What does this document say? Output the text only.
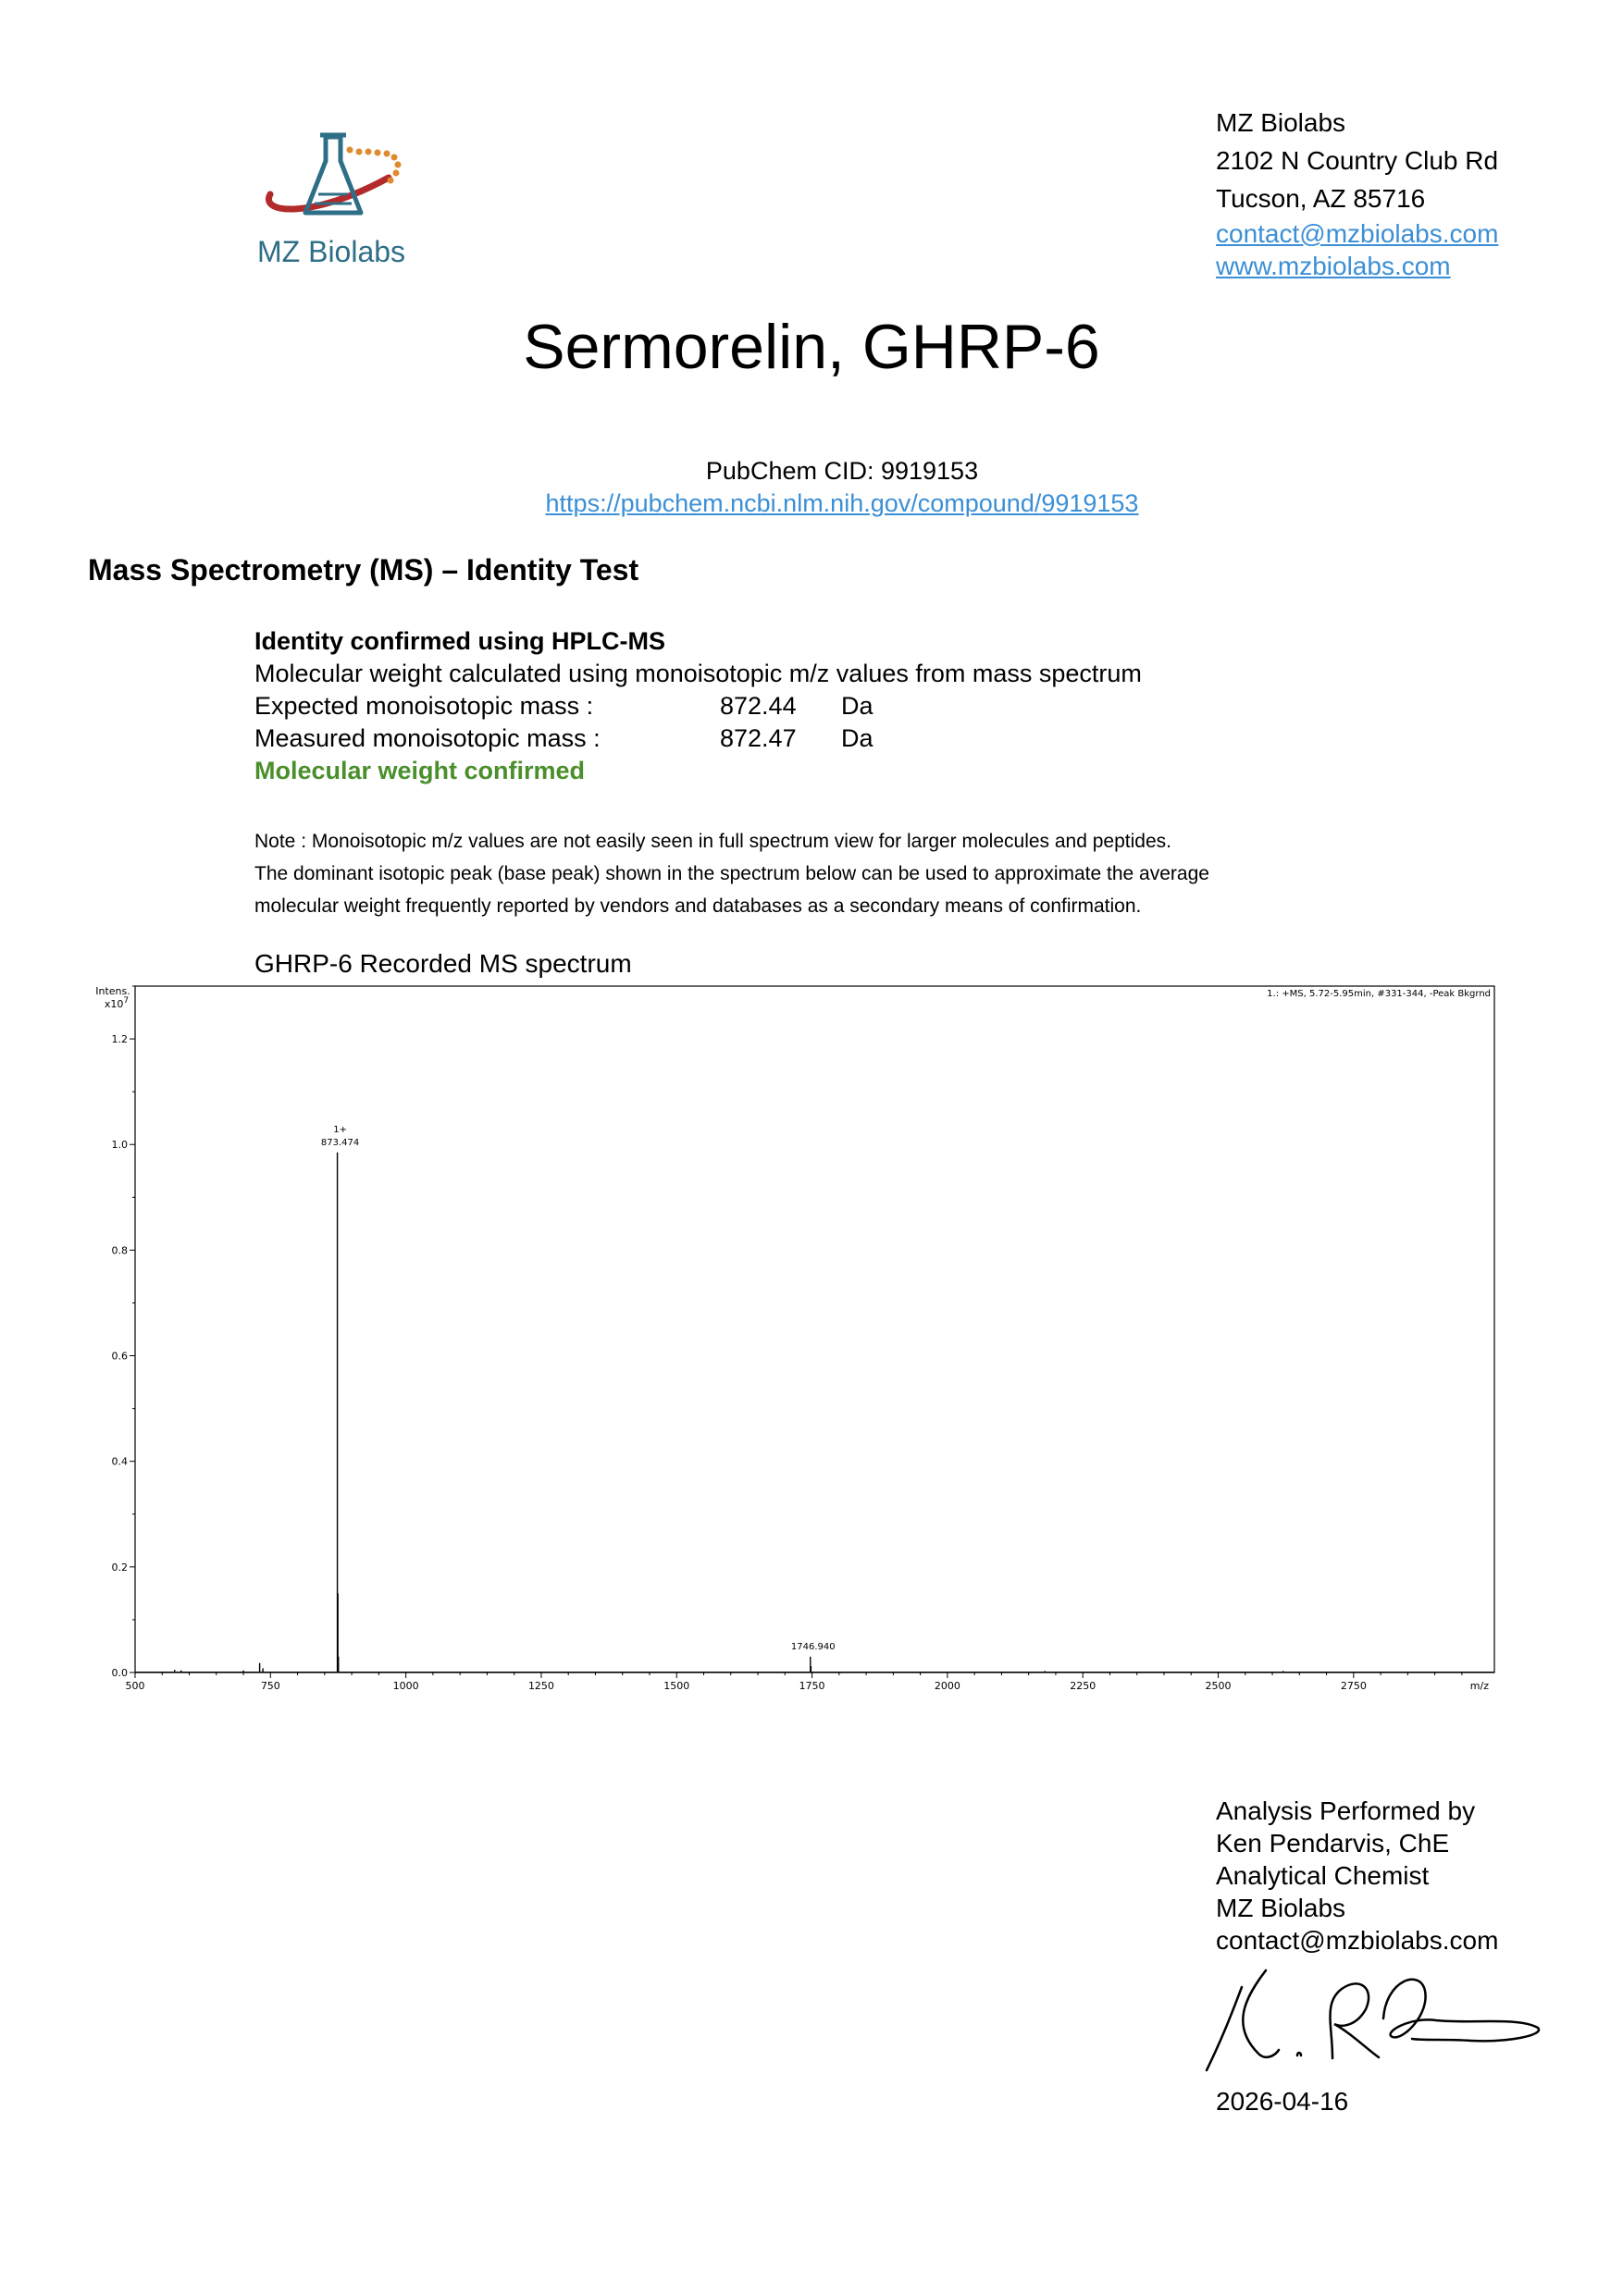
MZ Biolabs
MZ Biolabs
2102 N Country Club Rd
Tucson, AZ 85716
contact@mzbiolabs.com
www.mzbiolabs.com
Sermorelin, GHRP-6
PubChem CID: 9919153
https://pubchem.ncbi.nlm.nih.gov/compound/9919153
Mass Spectrometry (MS) – Identity Test
Identity confirmed using HPLC-MS
Molecular weight calculated using monoisotopic m/z values from mass spectrum
Expected monoisotopic mass :	872.44	Da
Measured monoisotopic mass :	872.47	Da
Molecular weight confirmed
Note : Monoisotopic m/z values are not easily seen in full spectrum view for larger molecules and peptides.
The dominant isotopic peak (base peak) shown in the spectrum below can be used to approximate the average
molecular weight frequently reported by vendors and databases as a secondary means of confirmation.
GHRP-6 Recorded MS spectrum
Intens.
$x10^7$
1.: +MS, 5.72-5.95min, #331-344, -Peak Bkgrnd
m/z
0.0
0.2
0.4
0.6
0.8
1.0
1.2
500	750	1000	1250	1500	1750	2000	2250	2500	2750
1+
873.474
1746.940
Analysis Performed by
Ken Pendarvis, ChE
Analytical Chemist
MZ Biolabs
contact@mzbiolabs.com
2026-04-16
